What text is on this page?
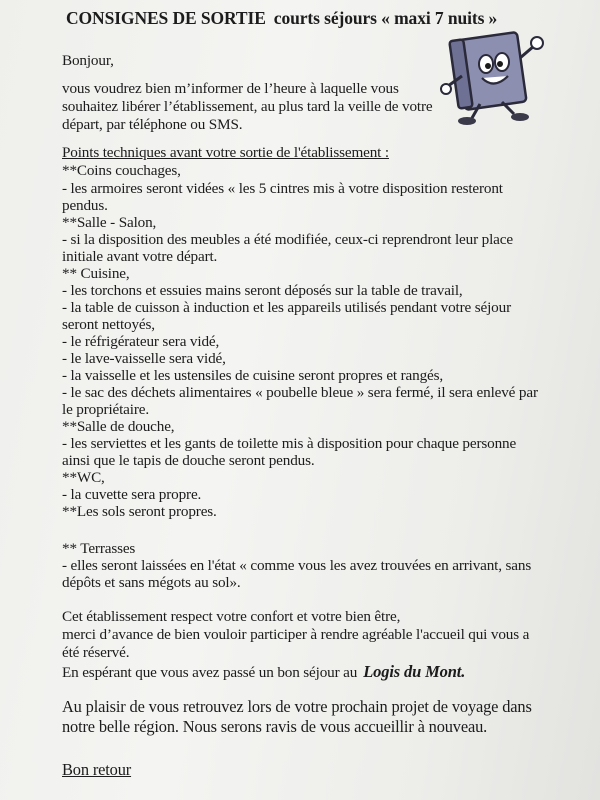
CONSIGNES DE SORTIE courts séjours « maxi 7 nuits »
Bonjour,
vous voudrez bien m’informer de l’heure à laquelle vous
souhaitez libérer l’établissement, au plus tard la veille de votre
départ, par téléphone ou SMS.
Points techniques avant votre sortie de l'établissement :
**Coins couchages,
- les armoires seront vidées « les 5 cintres mis à votre disposition resteront
pendus.
**Salle - Salon,
- si la disposition des meubles a été modifiée, ceux-ci reprendront leur place
initiale avant votre départ.
** Cuisine,
- les torchons et essuies mains seront déposés sur la table de travail,
- la table de cuisson à induction et les appareils utilisés pendant votre séjour
seront nettoyés,
- le réfrigérateur sera vidé,
- le lave-vaisselle sera vidé,
- la vaisselle et les ustensiles de cuisine seront propres et rangés,
- le sac des déchets alimentaires « poubelle bleue » sera fermé, il sera enlevé par
le propriétaire.
**Salle de douche,
- les serviettes et les gants de toilette mis à disposition pour chaque personne
ainsi que le tapis de douche seront pendus.
**WC,
- la cuvette sera propre.
**Les sols seront propres.
** Terrasses
- elles seront laissées en l'état « comme vous les avez trouvées en arrivant, sans
dépôts et sans mégots au sol».
Cet établissement respect votre confort et votre bien être,
merci d’avance de bien vouloir participer à rendre agréable l'accueil qui vous a
été réservé.
En espérant que vous avez passé un bon séjour au Logis du Mont.
Au plaisir de vous retrouvez lors de votre prochain projet de voyage dans
notre belle région. Nous serons ravis de vous accueillir à nouveau.
Bon retour
